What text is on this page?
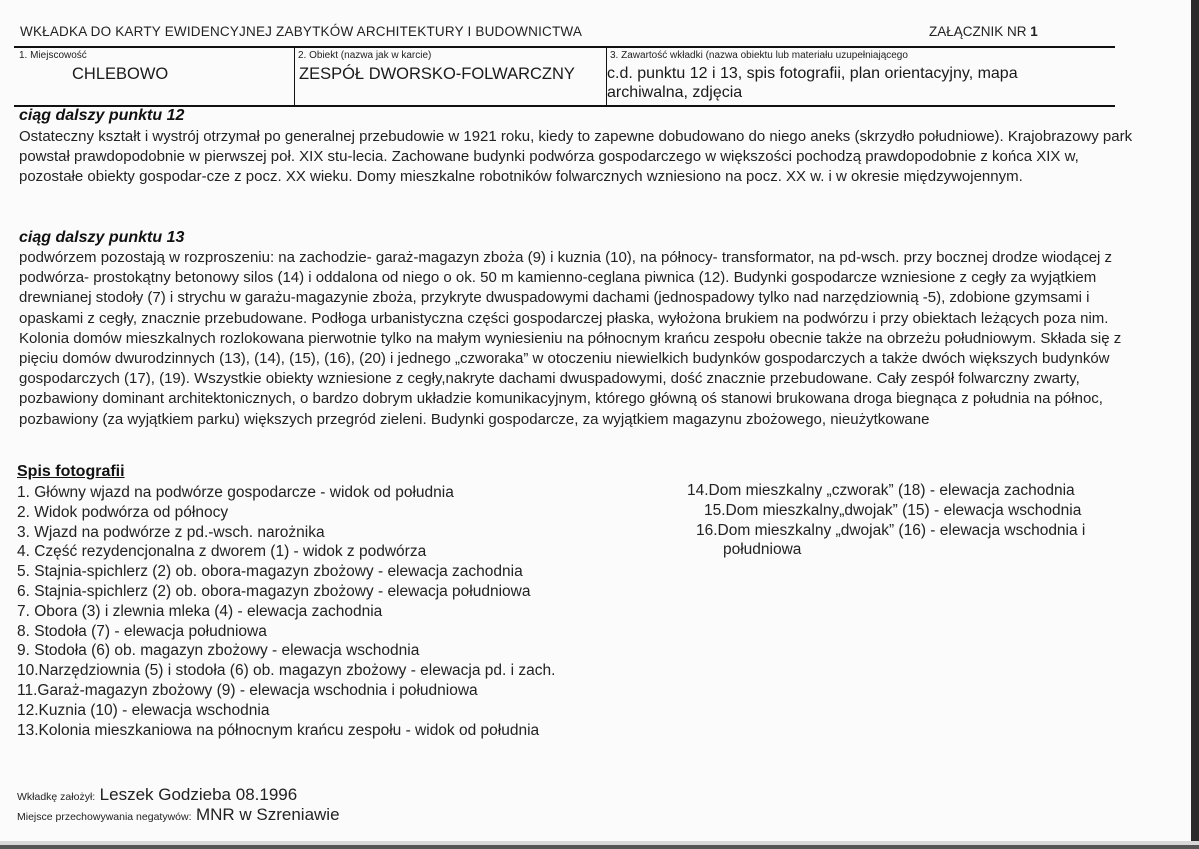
WKŁADKA DO KARTY EWIDENCYJNEJ ZABYTKÓW ARCHITEKTURY I BUDOWNICTWA	ZAŁĄCZNIK NR 1
1. Miejscowość
CHLEBOWO
2. Obiekt (nazwa jak w karcie)
ZESPÓŁ DWORSKO-FOLWARCZNY
3. Zawartość wkładki (nazwa obiektu lub materiału uzupełniającego
c.d. punktu 12 i 13, spis fotografii, plan orientacyjny, mapa archiwalna, zdjęcia
ciąg dalszy punktu 12

Ostateczny kształt i wystrój otrzymał po generalnej przebudowie w 1921 roku, kiedy to zapewne dobudowano do niego aneks (skrzydło południowe). Krajobrazowy park powstał prawdopodobnie w pierwszej poł. XIX stu-lecia. Zachowane budynki podwórza gospodarczego w większości pochodzą prawdopodobnie z końca XIX w, pozostałe obiekty gospodar-cze z pocz. XX wieku. Domy mieszkalne robotników folwarcznych wzniesiono na pocz. XX w. i w okresie międzywojennym.

ciąg dalszy punktu 13

podwórzem pozostają w rozproszeniu: na zachodzie- garaż-magazyn zboża (9) i kuznia (10), na północy- transformator, na pd-wsch. przy bocznej drodze wiodącej z podwórza- prostokątny betonowy silos (14) i oddalona od niego o ok. 50 m kamienno-ceglana piwnica (12). Budynki gospodarcze wzniesione z cegły za wyjątkiem drewnianej stodoły (7) i strychu w garażu-magazynie zboża, przykryte dwuspadowymi dachami (jednospadowy tylko nad narzędziownią -5), zdobione gzymsami i opaskami z cegły, znacznie przebudowane. Podłoga urbanistyczna części gospodarczej płaska, wyłożona brukiem na podwórzu i przy obiektach leżących poza nim. Kolonia domów mieszkalnych rozlokowana pierwotnie tylko na małym wyniesieniu na północnym krańcu zespołu obecnie także na obrzeżu południowym. Składa się z pięciu domów dwurodzinnych (13), (14), (15), (16), (20) i jednego „czworaka” w otoczeniu niewielkich budynków gospodarczych a także dwóch większych budynków gospodarczych (17), (19). Wszystkie obiekty wzniesione z cegły,nakryte dachami dwuspadowymi, dość znacznie przebudowane. Cały zespół folwarczny zwarty, pozbawiony dominant architektonicznych, o bardzo dobrym układzie komunikacyjnym, którego główną oś stanowi brukowana droga biegnąca z południa na północ, pozbawiony (za wyjątkiem parku) większych przegród zieleni. Budynki gospodarcze, za wyjątkiem magazynu zbożowego, nieużytkowane

Spis fotografii
1. Główny wjazd na podwórze gospodarcze - widok od południa
2. Widok podwórza od północy
3. Wjazd na podwórze z pd.-wsch. narożnika
4. Część rezydencjonalna z dworem (1) - widok z podwórza
5. Stajnia-spichlerz (2) ob. obora-magazyn zbożowy - elewacja zachodnia
6. Stajnia-spichlerz (2) ob. obora-magazyn zbożowy - elewacja południowa
7. Obora (3) i zlewnia mleka (4) - elewacja zachodnia
8. Stodoła (7) - elewacja południowa
9. Stodoła (6) ob. magazyn zbożowy - elewacja wschodnia
10.Narzędziownia (5) i stodoła (6) ob. magazyn zbożowy - elewacja pd. i zach.
11.Garaż-magazyn zbożowy (9) - elewacja wschodnia i południowa
12.Kuznia (10) - elewacja wschodnia
13.Kolonia mieszkaniowa na północnym krańcu zespołu - widok od południa
14.Dom mieszkalny „czworak” (18) - elewacja zachodnia
15.Dom mieszkalny„dwojak” (15) - elewacja wschodnia
16.Dom mieszkalny „dwojak” (16) - elewacja wschodnia i
południowa
Wkładkę założył: Leszek Godzieba 08.1996
Miejsce przechowywania negatywów: MNR w Szreniawie
